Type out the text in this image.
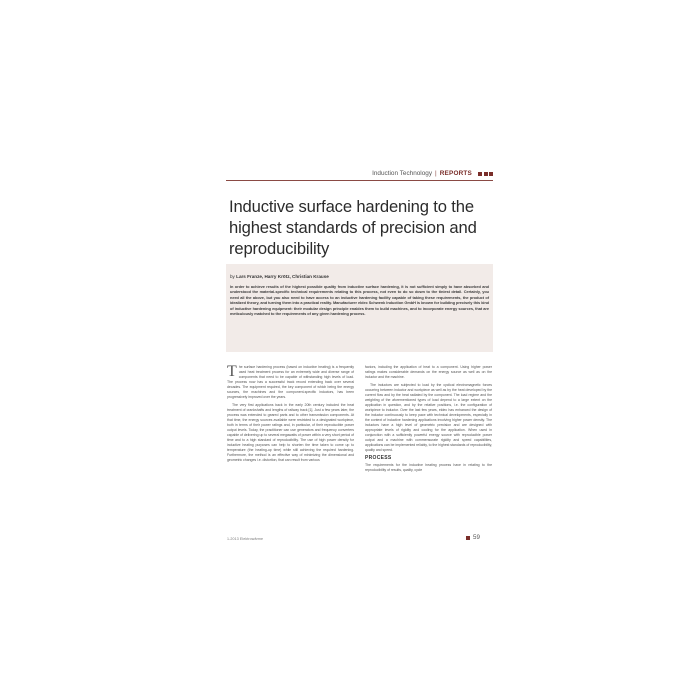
Induction Technology | REPORTS
Inductive surface hardening to the highest standards of precision and reproducibility

by Lars Franze, Harry Krötz, Christian Krause

In order to achieve results of the highest possible quality from inductive surface hardening, it is not sufficient simply to have absorbed and understood the material-specific technical requirements relating to this process, not even to do so down to the tiniest detail. Certainly, you need all the above, but you also need to have access to an inductive hardening facility capable of taking these requirements, the product of idealized theory, and turning them into a practical reality. Manufacturer eldec Schwenk Induction GmbH is known for building precisely this kind of inductive hardening equipment: their modular design principle enables them to build machines, and to incorporate energy sources, that are meticulously matched to the requirements of any given hardening process.

The surface hardening process (based on inductive heating) is a frequently used heat treatment process for an extremely wide and diverse range of components that need to be capable of withstanding high levels of load. The process now has a successful track record extending back over several decades. The equipment required, the key component of which being the energy sources, the machines and the component-specific inductors, has been progressively improved over the years.

The very first applications back in the early 20th century included the heat treatment of crankshafts and lengths of railway track [1]. Just a few years later, the process was extended to geared parts and to other transmission components. At that time, the energy sources available were restricted to a designated workpiece, both in terms of their power ratings and, in particular, of their reproducible power output levels. Today, the practitioner can use generators and frequency converters capable of delivering up to several megawatts of power within a very short period of time and to a high standard of reproducibility. The use of high power density for inductive heating purposes can help to shorten the time taken to come up to temperature (the heating-up time) while still achieving the required hardening. Furthermore, the method is an effective way of minimizing the dimensional and geometric changes i.e. distortion, that can result from various

factors, including the application of heat to a component. Using higher power ratings makes considerable demands on the energy source as well as on the inductor and the machine.

The inductors are subjected to load by the cyclical electromagnetic forces occurring between inductor and workpiece as well as by the heat developed by the current flow and by the heat radiated by the component. The load regime and the weighting of the aforementioned types of load depend to a large extent on the application in question, and by the relative positions, i.e. the configuration of workpiece to inductor. Over the last few years, eldec has enhanced the design of the inductor continuously to keep pace with technical developments, especially in the context of inductive hardening applications involving higher power density. The inductors have a high level of geometric precision and are designed with appropriate levels of rigidity and cooling for the application. When used in conjunction with a sufficiently powerful energy source with reproducible power output and a machine with commensurate rigidity and speed capabilities, applications can be implemented reliably, to the highest standards of reproducibility, quality and speed.

PROCESS

The requirements for the inductive heating process have in relating to the reproducibility of results, quality, cycle

1-2013 Elektrowärme	59
